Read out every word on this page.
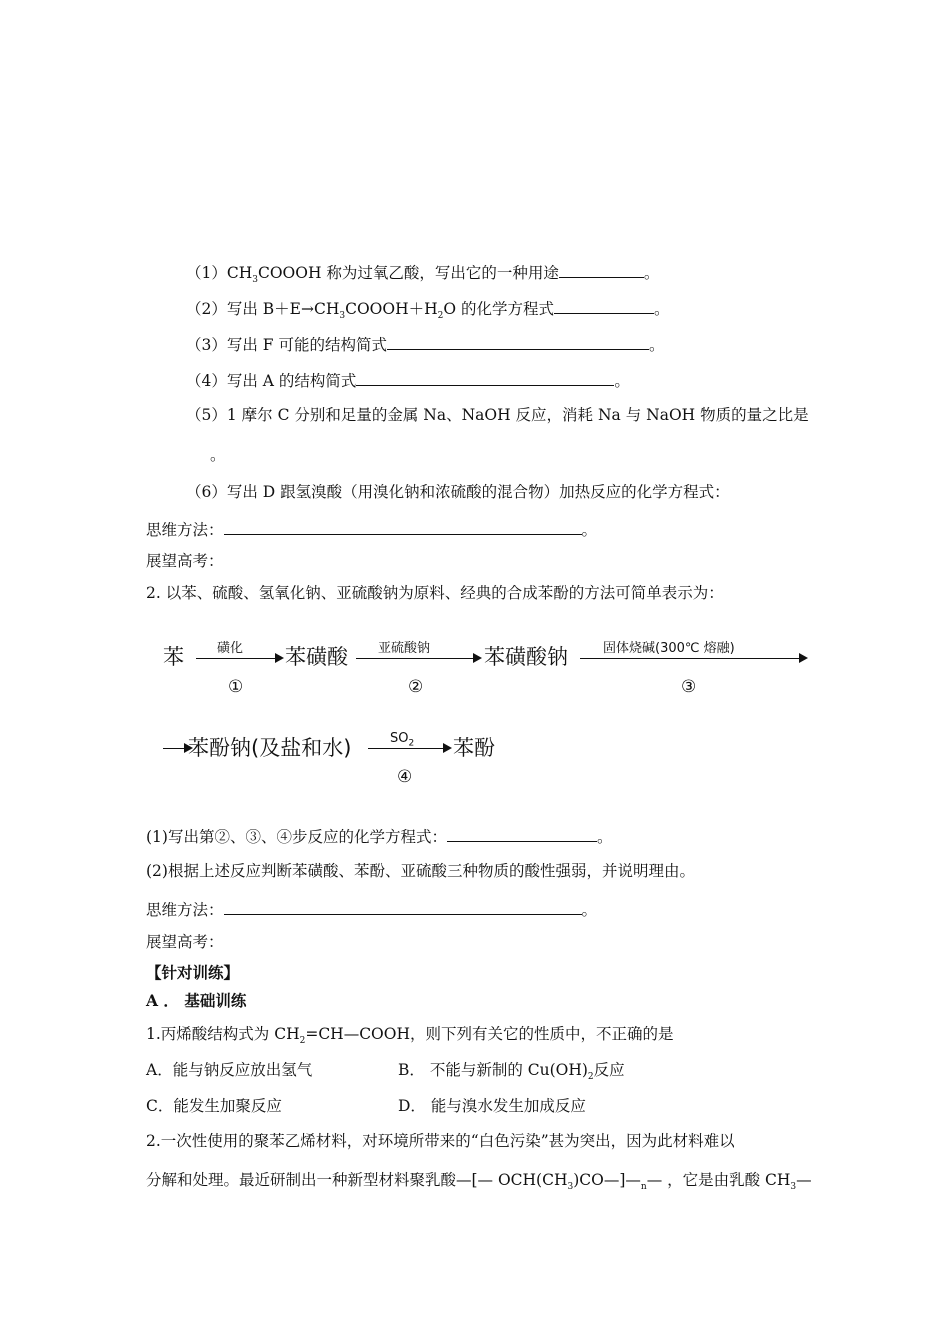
$(1)CH_3COOOH$ 称为过氧乙酸，写出它的一种用途	。
（2）写出 $B+E\to CH_3COOOH+H_2O$ 的化学方程式	。
（3）写出 F 可能的结构简式	。
（4）写出 A 的结构简式	。
（5）1 摩尔 C 分别和足量的金属 Na、NaOH 反应，消耗 Na 与 NaOH 物质的量之比是
。
（6）写出 D 跟氢溴酸（用溴化钠和浓硫酸的混合物）加热反应的化学方程式：
思维方法：	。
展望高考：
2. 以苯、硫酸、氢氧化钠、亚硫酸钠为原料、经典的合成苯酚的方法可简单表示为：
苯	磺化
①
苯磺酸 亚硫酸钠
②
苯磺酸钠	固体烧碱(300℃ 熔融)
③
苯酚钠(及盐和水)	$SO_2$
④
苯酚
(1)写出第②、③、④步反应的化学方程式：	。
(2)根据上述反应判断苯磺酸、苯酚、亚硫酸三种物质的酸性强弱，并说明理由。
思维方法：	。
展望高考：
【针对训练】
A ． 基础训练
1.丙烯酸结构式为 $CH_2=CH—COOH$，则下列有关它的性质中，不正确的是
A．能与钠反应放出氢气	B． 不能与新制的 $Cu(OH)_2$反应
C．能发生加聚反应	D． 能与溴水发生加成反应
2.一次性使用的聚苯乙烯材料，对环境所带来的“白色污染”甚为突出，因为此材料难以
分解和处理。最近研制出一种新型材料聚乳酸—[— $OCH(CH_3)CO—]—_n—$ ，它是由乳酸 $CH_3—$
